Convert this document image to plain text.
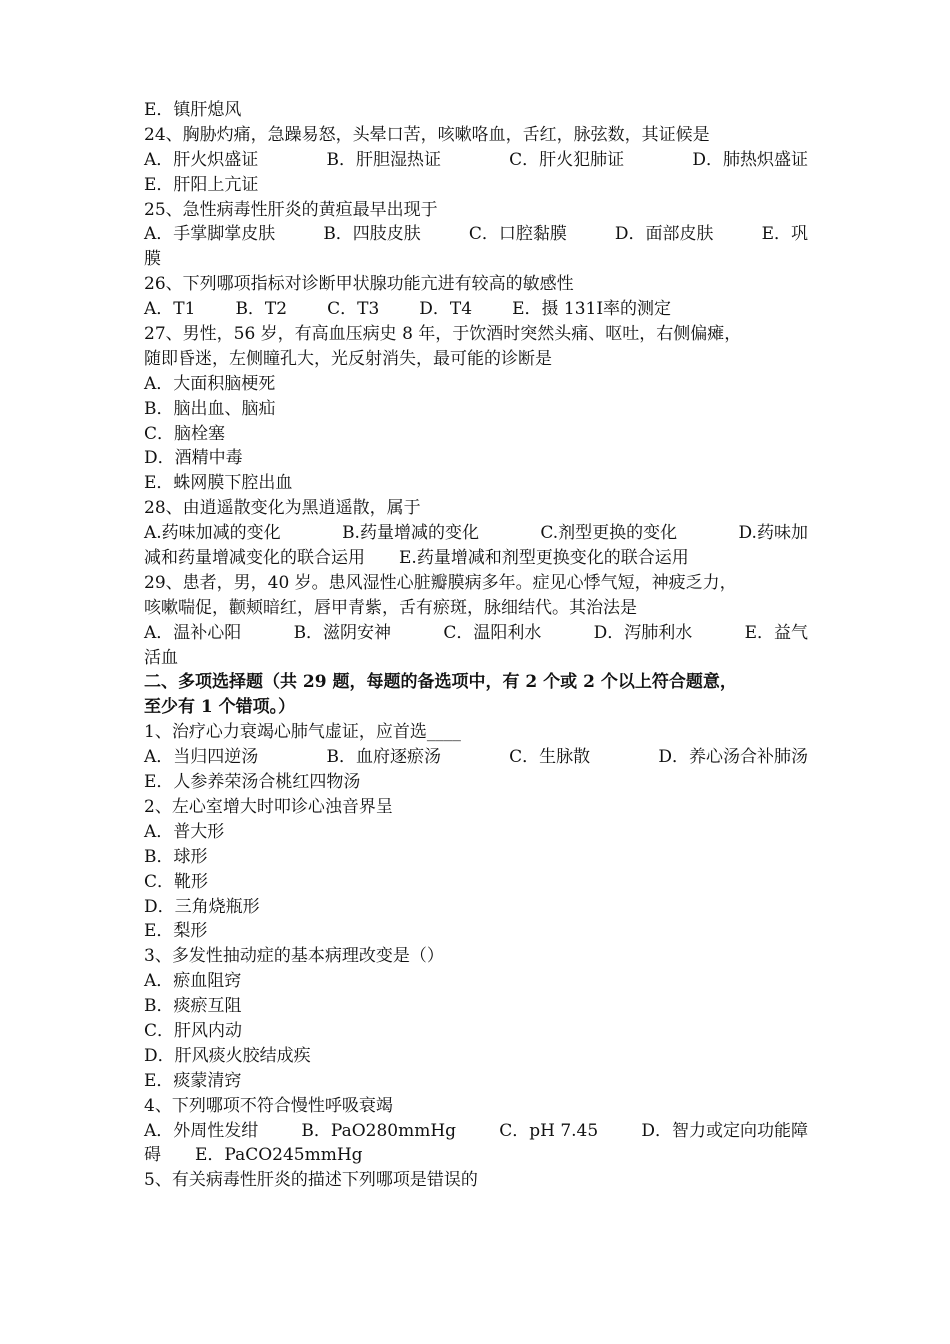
E．镇肝熄风
24、胸胁灼痛，急躁易怒，头晕口苦，咳嗽咯血，舌红，脉弦数，其证候是
A．肝火炽盛证	B．肝胆湿热证	C．肝火犯肺证	D．肺热炽盛证
E．肝阳上亢证
25、急性病毒性肝炎的黄疸最早出现于
A．手掌脚掌皮肤	B．四肢皮肤	C．口腔黏膜	D．面部皮肤	E．巩
膜
26、下列哪项指标对诊断甲状腺功能亢进有较高的敏感性
A．T1 B．T2 C．T3 D．T4 E．摄 131Ⅰ率的测定
27、男性，56 岁，有高血压病史 8 年，于饮酒时突然头痛、呕吐，右侧偏瘫，
随即昏迷，左侧瞳孔大，光反射消失，最可能的诊断是
A．大面积脑梗死
B．脑出血、脑疝
C．脑栓塞
D．酒精中毒
E．蛛网膜下腔出血
28、由逍遥散变化为黑逍遥散，属于
A.药味加减的变化	B.药量增减的变化	C.剂型更换的变化	D.药味加
减和药量增减变化的联合运用　　E.药量增减和剂型更换变化的联合运用
29、患者，男，40 岁。患风湿性心脏瓣膜病多年。症见心悸气短，神疲乏力，
咳嗽喘促，颧颊暗红，唇甲青紫，舌有瘀斑，脉细结代。其治法是
A．温补心阳	B．滋阴安神	C．温阳利水	D．泻肺利水	E．益气
活血
二、多项选择题（共 29 题，每题的备选项中，有 2 个或 2 个以上符合题意，
至少有 1 个错项。）
1、治疗心力衰竭心肺气虚证，应首选____
A．当归四逆汤	B．血府逐瘀汤	C．生脉散	D．养心汤合补肺汤
E．人参养荣汤合桃红四物汤
2、左心室增大时叩诊心浊音界呈
A．普大形
B．球形
C．靴形
D．三角烧瓶形
E．梨形
3、多发性抽动症的基本病理改变是（）
A．瘀血阻窍
B．痰瘀互阻
C．肝风内动
D．肝风痰火胶结成疾
E．痰蒙清窍
4、下列哪项不符合慢性呼吸衰竭
A．外周性发绀	B．PaO280mmHg	C．pH 7.45	D．智力或定向功能障
碍　　E．PaCO245mmHg
5、有关病毒性肝炎的描述下列哪项是错误的
